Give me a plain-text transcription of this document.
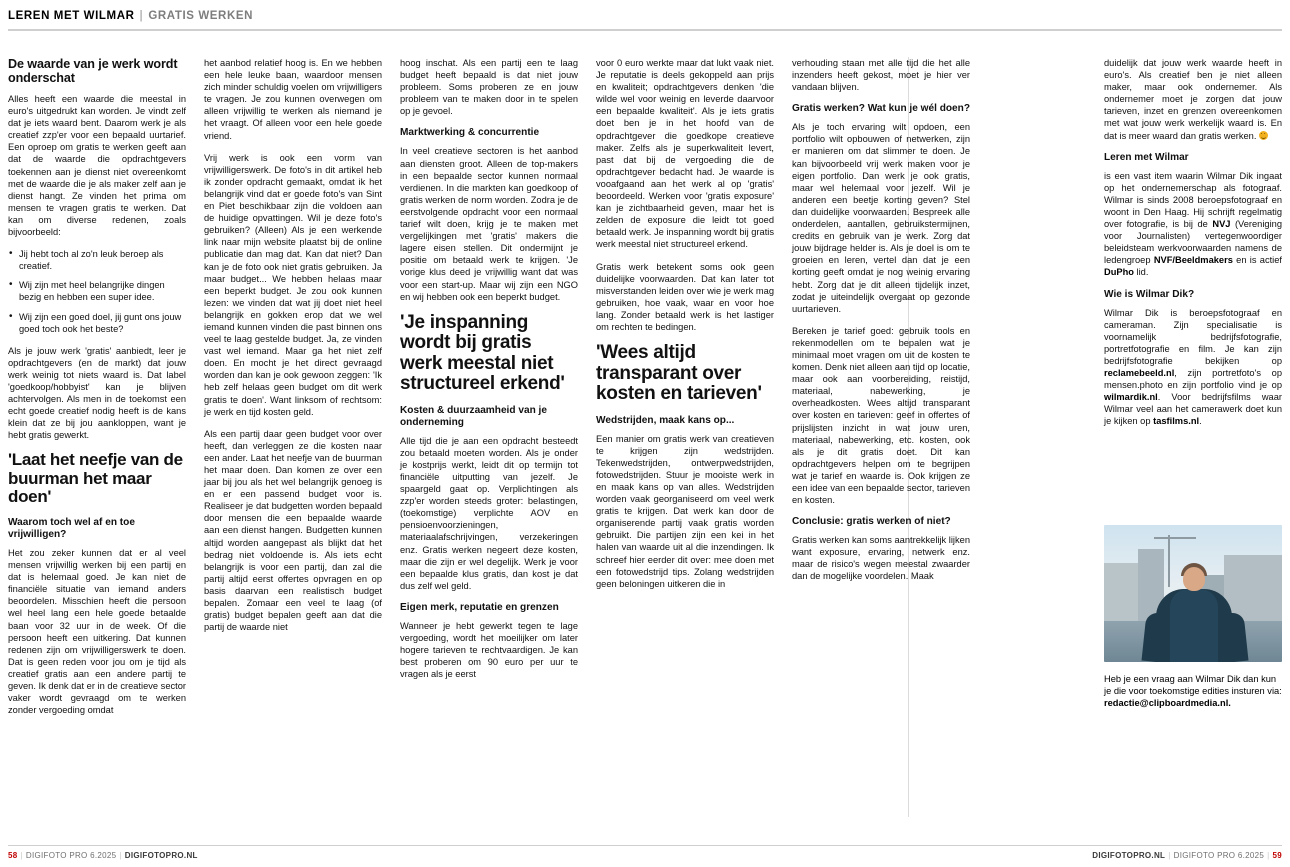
LEREN MET WILMAR | GRATIS WERKEN
De waarde van je werk wordt onderschat

Alles heeft een waarde die meestal in euro's uitgedrukt kan worden. Je vindt zelf dat je iets waard bent. Daarom werk je als creatief zzp'er voor een bepaald uurtarief. Een oproep om gratis te werken geeft aan dat de waarde die opdrachtgevers toekennen aan je dienst niet overeenkomt met de waarde die je als maker zelf aan je dienst hangt. Ze vinden het prima om mensen te vragen gratis te werken. Dat kan om diverse redenen, zoals bijvoorbeeld:

• Jij hebt toch al zo'n leuk beroep als creatief.
• Wij zijn met heel belangrijke dingen bezig en hebben een super idee.
• Wij zijn een goed doel, jij gunt ons jouw goed toch ook het beste?

Als je jouw werk 'gratis' aanbiedt, leer je opdrachtgevers (en de markt) dat jouw werk weinig tot niets waard is. Dat label 'goedkoop/hobbyist' kan je blijven achtervolgen. Als men in de toekomst een echt goede creatief nodig heeft is de kans klein dat ze bij jou aankloppen, want je hebt gratis gewerkt.

'Laat het neefje van de buurman het maar doen'
Waarom toch wel af en toe vrijwilligen?

Het zou zeker kunnen dat er al veel mensen vrijwillig werken bij een partij en dat is helemaal goed. Je kan niet de financiële situatie van iemand anders beoordelen. Misschien heeft die persoon wel heel lang een hele goede betaalde baan voor 32 uur in de week. Of die persoon heeft een uitkering. Dat kunnen redenen zijn om vrijwilligerswerk te doen. Dat is geen reden voor jou om je tijd als creatief gratis aan een andere partij te geven. Ik denk dat er in de creatieve sector vaker wordt gevraagd om te werken zonder vergoeding omdat

het aanbod relatief hoog is. En we hebben een hele leuke baan, waardoor mensen zich minder schuldig voelen om vrijwilligers te vragen. Je zou kunnen overwegen om alleen vrijwillig te werken als niemand je het vraagt. Of alleen voor een hele goede vriend.

Vrij werk is ook een vorm van vrijwilligerswerk. De foto's in dit artikel heb ik zonder opdracht gemaakt, omdat ik het belangrijk vind dat er goede foto's van Sint en Piet beschikbaar zijn die voldoen aan de huidige opvattingen. Wil je deze foto's gebruiken? (Alleen) Als je een werkende link naar mijn website plaatst bij de online publicatie dan mag dat. Kan dat niet? Dan kan je de foto ook niet gratis gebruiken. Ja maar budget... We hebben helaas maar een beperkt budget. Je zou ook kunnen lezen: we vinden dat wat jij doet niet heel belangrijk en gokken erop dat we wel iemand kunnen vinden die past binnen ons veel te laag gestelde budget. Ja, ze vinden vast wel iemand. Maar ga het niet zelf doen. En mocht je het direct gevraagd worden dan kan je ook gewoon zeggen: 'Ik heb zelf helaas geen budget om dit werk gratis te doen'. Want linksom of rechtsom: je werk en tijd kosten geld.

Als een partij daar geen budget voor over heeft, dan verleggen ze die kosten naar een ander. Laat het neefje van de buurman het maar doen. Dan komen ze over een jaar bij jou als het wel belangrijk genoeg is en er een passend budget voor is. Realiseer je dat budgetten worden bepaald door mensen die een bepaalde waarde aan een dienst hangen. Budgetten kunnen altijd worden aangepast als blijkt dat het bedrag niet voldoende is. Als iets echt belangrijk is voor een partij, dan zal die partij altijd eerst offertes opvragen en op basis daarvan een realistisch budget bepalen. Zomaar een veel te laag (of gratis) budget bepalen geeft aan dat die partij de waarde niet

hoog inschat. Als een partij een te laag budget heeft bepaald is dat niet jouw probleem. Soms proberen ze en jouw probleem van te maken door in te spelen op je gevoel.

Marktwerking & concurrentie

In veel creatieve sectoren is het aanbod aan diensten groot. Alleen de top-makers in een bepaalde sector kunnen normaal verdienen. In die markten kan goedkoop of gratis werken de norm worden. Zodra je de eerstvolgende opdracht voor een normaal tarief wilt doen, krijg je te maken met vergelijkingen met 'gratis' makers die lagere eisen stellen. Dit ondermijnt je positie om betaald werk te krijgen. 'Je vorige klus deed je vrijwillig want dat was voor een start-up. Maar wij zijn een NGO en wij hebben ook een beperkt budget.

'Je inspanning wordt bij gratis werk meestal niet structureel erkend'
Kosten & duurzaamheid van je onderneming

Alle tijd die je aan een opdracht besteedt zou betaald moeten worden. Als je onder je kostprijs werkt, leidt dit op termijn tot financiële uitputting van jezelf. Je spaargeld gaat op. Verplichtingen als zzp'er worden steeds groter: belastingen, (toekomstige) verplichte AOV en pensioenvoorzieningen, materiaalafschrijvingen, verzekeringen enz. Gratis werken negeert deze kosten, maar die zijn er wel degelijk. Werk je voor een bepaalde klus gratis, dan kost je dat dus zelf wel geld.

Eigen merk, reputatie en grenzen

Wanneer je hebt gewerkt tegen te lage vergoeding, wordt het moeilijker om later hogere tarieven te rechtvaardigen. Je kan best proberen om 90 euro per uur te vragen als je eerst

voor 0 euro werkte maar dat lukt vaak niet. Je reputatie is deels gekoppeld aan prijs en kwaliteit; opdrachtgevers denken 'die wilde wel voor weinig en leverde daarvoor een bepaalde kwaliteit'. Als je iets gratis doet ben je in het hoofd van de opdrachtgever die goedkope creatieve maker. Zelfs als je superkwaliteit levert, past dat bij de vergoeding die de opdrachtgever bedacht had. Je waarde is vooafgaand aan het werk al op 'gratis' beoordeeld. Werken voor 'gratis exposure' kan je zichtbaarheid geven, maar het is zelden de exposure die leidt tot goed betaald werk. Je inspanning wordt bij gratis werk meestal niet structureel erkend.

Gratis werk betekent soms ook geen duidelijke voorwaarden. Dat kan later tot misverstanden leiden over wie je werk mag gebruiken, hoe vaak, waar en voor hoe lang. Zonder betaald werk is het lastiger om rechten te bedingen.

'Wees altijd transparant over kosten en tarieven'
Wedstrijden, maak kans op...

Een manier om gratis werk van creatieven te krijgen zijn wedstrijden. Tekenwedstrijden, ontwerpwedstrijden, fotowedstrijden. Stuur je mooiste werk in en maak kans op van alles. Wedstrijden worden vaak georganiseerd om veel werk gratis te krijgen. Dat werk kan door de organiserende partij vaak gratis worden gebruikt. Die partijen zijn een kei in het halen van waarde uit al die inzendingen. Ik schreef hier eerder dit over: mee doen met een fotowedstrijd tips. Zolang wedstrijden geen beloningen uitkeren die in

verhouding staan met alle tijd die het alle inzenders heeft gekost, moet je hier ver vandaan blijven.

Gratis werken? Wat kun je wél doen?

Als je toch ervaring wilt opdoen, een portfolio wilt opbouwen of netwerken, zijn er manieren om dat slimmer te doen. Je kan bijvoorbeeld vrij werk maken voor je eigen portfolio. Dan werk je ook gratis, maar wel helemaal voor jezelf. Wil je anderen een beetje korting geven? Stel dan duidelijke voorwaarden. Bespreek alle onderdelen, aantallen, gebruikstermijnen, credits en gebruik van je werk. Zorg dat jouw bijdrage helder is. Als je doel is om te groeien en leren, vertel dan dat je een korting geeft omdat je nog weinig ervaring hebt. Zorg dat je dit alleen tijdelijk inzet, zodat je uiteindelijk overgaat op gezonde uurtarieven.

Bereken je tarief goed: gebruik tools en rekenmodellen om te bepalen wat je minimaal moet vragen om uit de kosten te komen. Denk niet alleen aan tijd op locatie, maar ook aan voorbereiding, reistijd, materiaal, nabewerking, je overheadkosten. Wees altijd transparant over kosten en tarieven: geef in offertes of prijslijsten inzicht in wat jouw uren, materiaal, nabewerking, etc. kosten, ook als je dit gratis doet. Dit kan opdrachtgevers helpen om te begrijpen wat je tarief en waarde is. Ook krijgen ze een idee van een bepaalde sector, tarieven en kosten.

Conclusie: gratis werken of niet?

Gratis werken kan soms aantrekkelijk lijken want exposure, ervaring, netwerk enz. maar de risico's wegen meestal zwaarder dan de mogelijke voordelen. Maak

duidelijk dat jouw werk waarde heeft in euro's. Als creatief ben je niet alleen maker, maar ook ondernemer. Als ondernemer moet je zorgen dat jouw tarieven, inzet en grenzen overeenkomen met wat jouw werk werkelijk waard is. En dat is meer waard dan gratis werken.

Leren met Wilmar

is een vast item waarin Wilmar Dik ingaat op het ondernemerschap als fotograaf. Wilmar is sinds 2008 beroepsfotograaf en woont in Den Haag. Hij schrijft regelmatig over fotografie, is bij de NVJ (Vereniging voor Journalisten) vertegenwoordiger beleidsteam werkvoorwaarden namens de ledengroep NVF/Beeldmakers en is actief DuPho lid.

Wie is Wilmar Dik?

Wilmar Dik is beroepsfotograaf en cameraman. Zijn specialisatie is voornamelijk bedrijfsfotografie, portretfotografie en film. Je kan zijn bedrijfsfotografie bekijken op reclamebeeld.nl, zijn portretfoto's op mensen.photo en zijn portfolio vind je op wilmardik.nl. Voor bedrijfsfilms waar Wilmar veel aan het camerawerk doet kun je kijken op tasfilms.nl.

Heb je een vraag aan Wilmar Dik dan kun je die voor toekomstige edities insturen via: redactie@clipboardmedia.nl.
58 | DIGIFOTO PRO 6.2025 | DIGIFOTOPRO.NL	DIGIFOTOPRO.NL | DIGIFOTO PRO 6.2025 | 59
